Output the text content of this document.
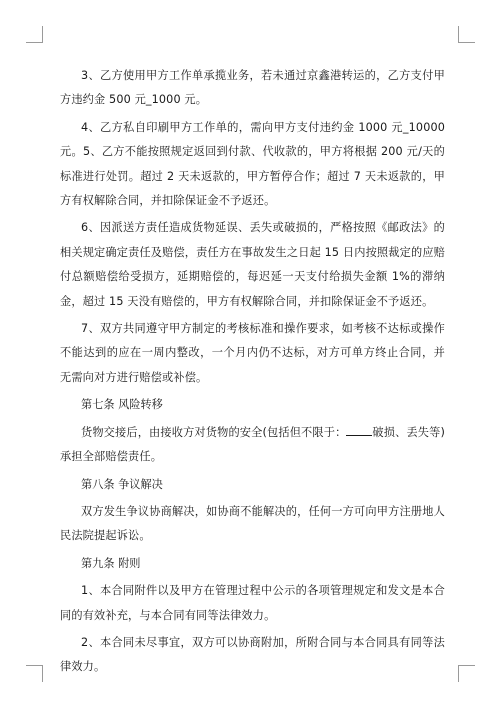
3、乙方使用甲方工作单承揽业务，若未通过京鑫港转运的，乙方支付甲方违约金 500 元_1000 元。

4、乙方私自印刷甲方工作单的，需向甲方支付违约金 1000 元_10000 元。5、乙方不能按照规定返回到付款、代收款的，甲方将根据 200 元/天的标准进行处罚。超过 2 天未返款的，甲方暂停合作；超过 7 天未返款的，甲方有权解除合同，并扣除保证金不予返还。

6、因派送方责任造成货物延误、丢失或破损的，严格按照《邮政法》的相关规定确定责任及赔偿，责任方在事故发生之日起 15 日内按照裁定的应赔付总额赔偿给受损方，延期赔偿的，每迟延一天支付给损失金额 1%的滞纳金，超过 15 天没有赔偿的，甲方有权解除合同，并扣除保证金不予返还。

7、双方共同遵守甲方制定的考核标准和操作要求，如考核不达标或操作不能达到的应在一周内整改，一个月内仍不达标，对方可单方终止合同，并无需向对方进行赔偿或补偿。

第七条 风险转移

货物交接后，由接收方对货物的安全(包括但不限于： 破损、丢失等)承担全部赔偿责任。

第八条 争议解决

双方发生争议协商解决，如协商不能解决的，任何一方可向甲方注册地人民法院提起诉讼。

第九条 附则

1、本合同附件以及甲方在管理过程中公示的各项管理规定和发文是本合同的有效补充，与本合同有同等法律效力。

2、本合同未尽事宜，双方可以协商附加，所附合同与本合同具有同等法律效力。
